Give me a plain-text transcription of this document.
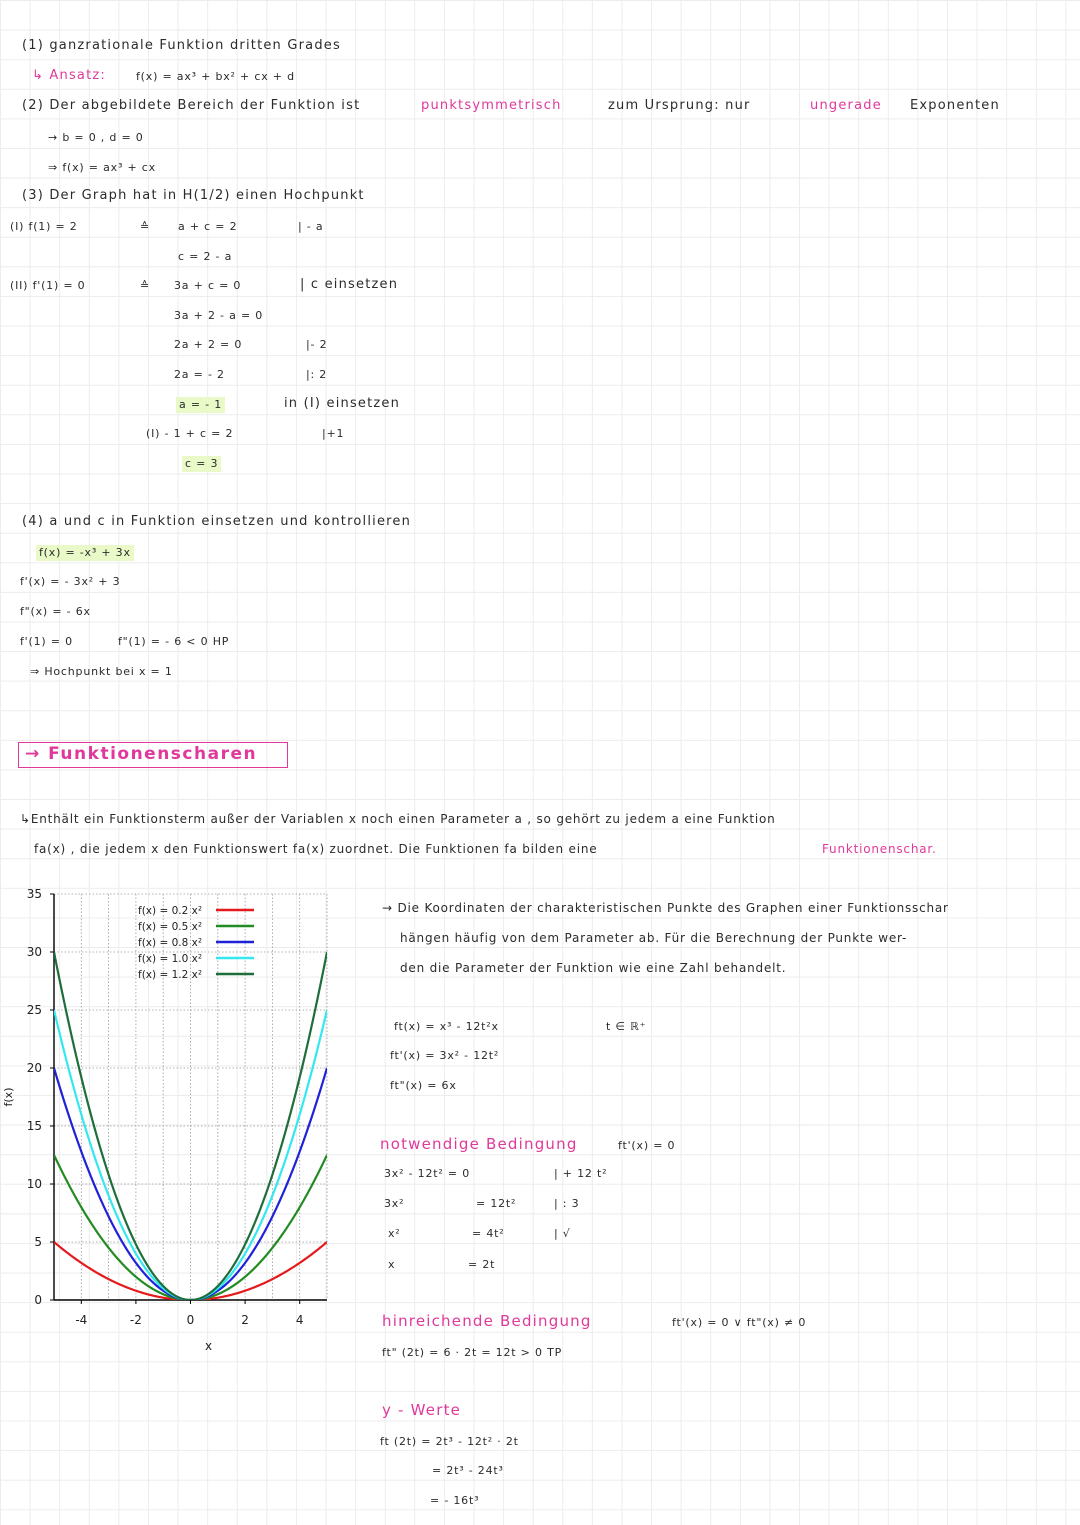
(1) ganzrationale Funktion dritten Grades
↳ Ansatz:	f(x) = ax³ + bx² + cx + d
(2) Der abgebildete Bereich der Funktion ist	punktsymmetrisch	zum Ursprung: nur	ungerade Exponenten
→ b = 0 , d = 0
⇒ f(x) = ax³ + cx
(3) Der Graph hat in H(1/2) einen Hochpunkt
(I) f(1) = 2	≙	a + c = 2	| - a
c = 2 - a
(II) f'(1) = 0	≙ 3a + c = 0	| c einsetzen
3a + 2 - a = 0
2a + 2 = 0	|- 2
2a = - 2	|: 2
a = - 1	in (I) einsetzen
(I) - 1 + c = 2	|+1
c = 3
(4) a und c in Funktion einsetzen und kontrollieren
f(x) = -x³ + 3x
f'(x) = - 3x² + 3
f"(x) = - 6x
f'(1) = 0	f"(1) = - 6 < 0 HP
⇒ Hochpunkt bei x = 1
→ Funktionenscharen
↳Enthält ein Funktionsterm außer der Variablen x noch einen Parameter a , so gehört zu jedem a eine Funktion
fa(x) , die jedem x den Funktionswert fa(x) zuordnet. Die Funktionen fa bilden eine	Funktionenschar.
0
5
10
15
20
25
30
35
-4	-2	0	2	4
x
f(x)
f(x) = 0.2 x²
f(x) = 0.5 x²
f(x) = 0.8 x²
f(x) = 1.0 x²
f(x) = 1.2 x²
→ Die Koordinaten der charakteristischen Punkte des Graphen einer Funktionsschar
hängen häufig von dem Parameter ab. Für die Berechnung der Punkte wer-
den die Parameter der Funktion wie eine Zahl behandelt.
ft(x) = x³ - 12t²x	t ∈ ℝ⁺
ft'(x) = 3x² - 12t²
ft"(x) = 6x
notwendige Bedingung	ft'(x) = 0
3x² - 12t² = 0	| + 12 t²
3x²	= 12t²	| : 3
x²	= 4t²	| √
x	= 2t
hinreichende Bedingung	ft'(x) = 0 ∨ ft"(x) ≠ 0
ft" (2t) = 6 · 2t = 12t > 0 TP
y - Werte
ft (2t) = 2t³ - 12t² · 2t
= 2t³ - 24t³
= - 16t³
